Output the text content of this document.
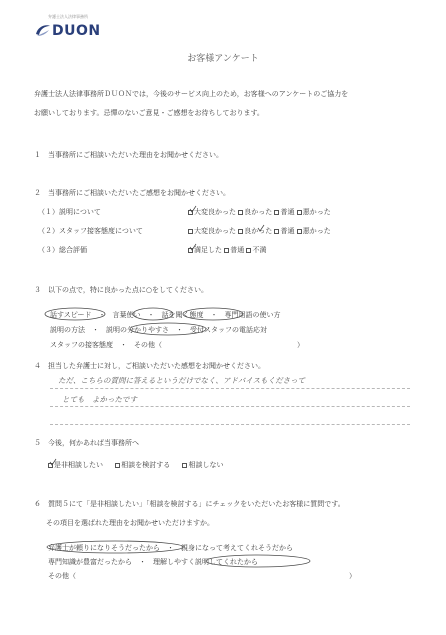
弁護士法人法律事務所
DUON
お客様アンケート
弁護士法人法律事務所ＤＵＯＮでは，今後のサービス向上のため，お客様へのアンケートのご協力を
お願いしております。忌憚のないご意見・ご感想をお待ちしております。
１　当事務所にご相談いただいた理由をお聞かせください。
２　当事務所にご相談いただいたご感想をお聞かせください。
（１）説明について	大変良かった 良かった 普通 悪かった
（２）スタッフ接客態度について	大変良かった 良かった 普通 悪かった
（３）総合評価	満足した 普通 不満
３　以下の点で，特に良かった点に○をしてください。
話すスピード　・　言葉使い　・　話を聞く態度　・　専門用語の使い方
説明の方法　・　説明の分かりやすさ　・　受付スタッフの電話応対
スタッフの接客態度　・　その他（	）
４　担当した弁護士に対し，ご相談いただいた感想をお聞かせください。
ただ、こちらの質問に答えるというだけでなく、アドバイスもくださって
とても　よかったです
５　今後，何かあれば当事務所へ
是非相談したい	相談を検討する	相談しない
６　質問５にて「是非相談したい」「相談を検討する」にチェックをいただいたお客様に質問です。
その項目を選ばれた理由をお聞かせいただけますか。
弁護士が頼りになりそうだったから　・　親身になって考えてくれそうだから
専門知識が豊富だったから　・　理解しやすく説明してくれたから
その他（	）
